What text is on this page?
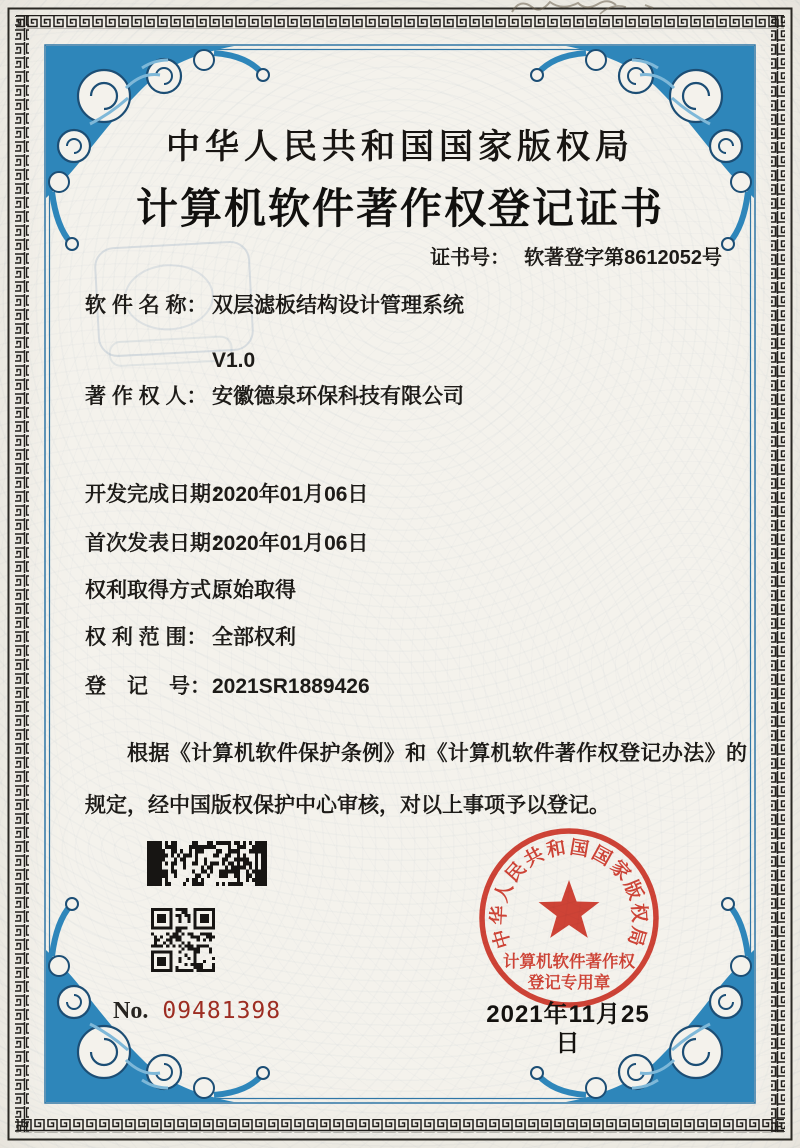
中华人民共和国国家版权局
计算机软件著作权登记证书
证书号： 软著登字第8612052号
软 件 名 称： 双层滤板结构设计管理系统

V1.0
著 作 权 人： 安徽德泉环保科技有限公司
开发完成日期：
2020年01月06日
首次发表日期：
2020年01月06日
权利取得方式：
原始取得
权 利 范 围： 全部权利
登　记　号： 2021SR1889426

根据《计算机软件保护条例》和《计算机软件著作权登记办法》的规定，经中国版权保护中心审核，对以上事项予以登记。

No. 09481398
中华人民共和国国家版权局
计算机软件著作权
登记专用章
2021年11月25日
